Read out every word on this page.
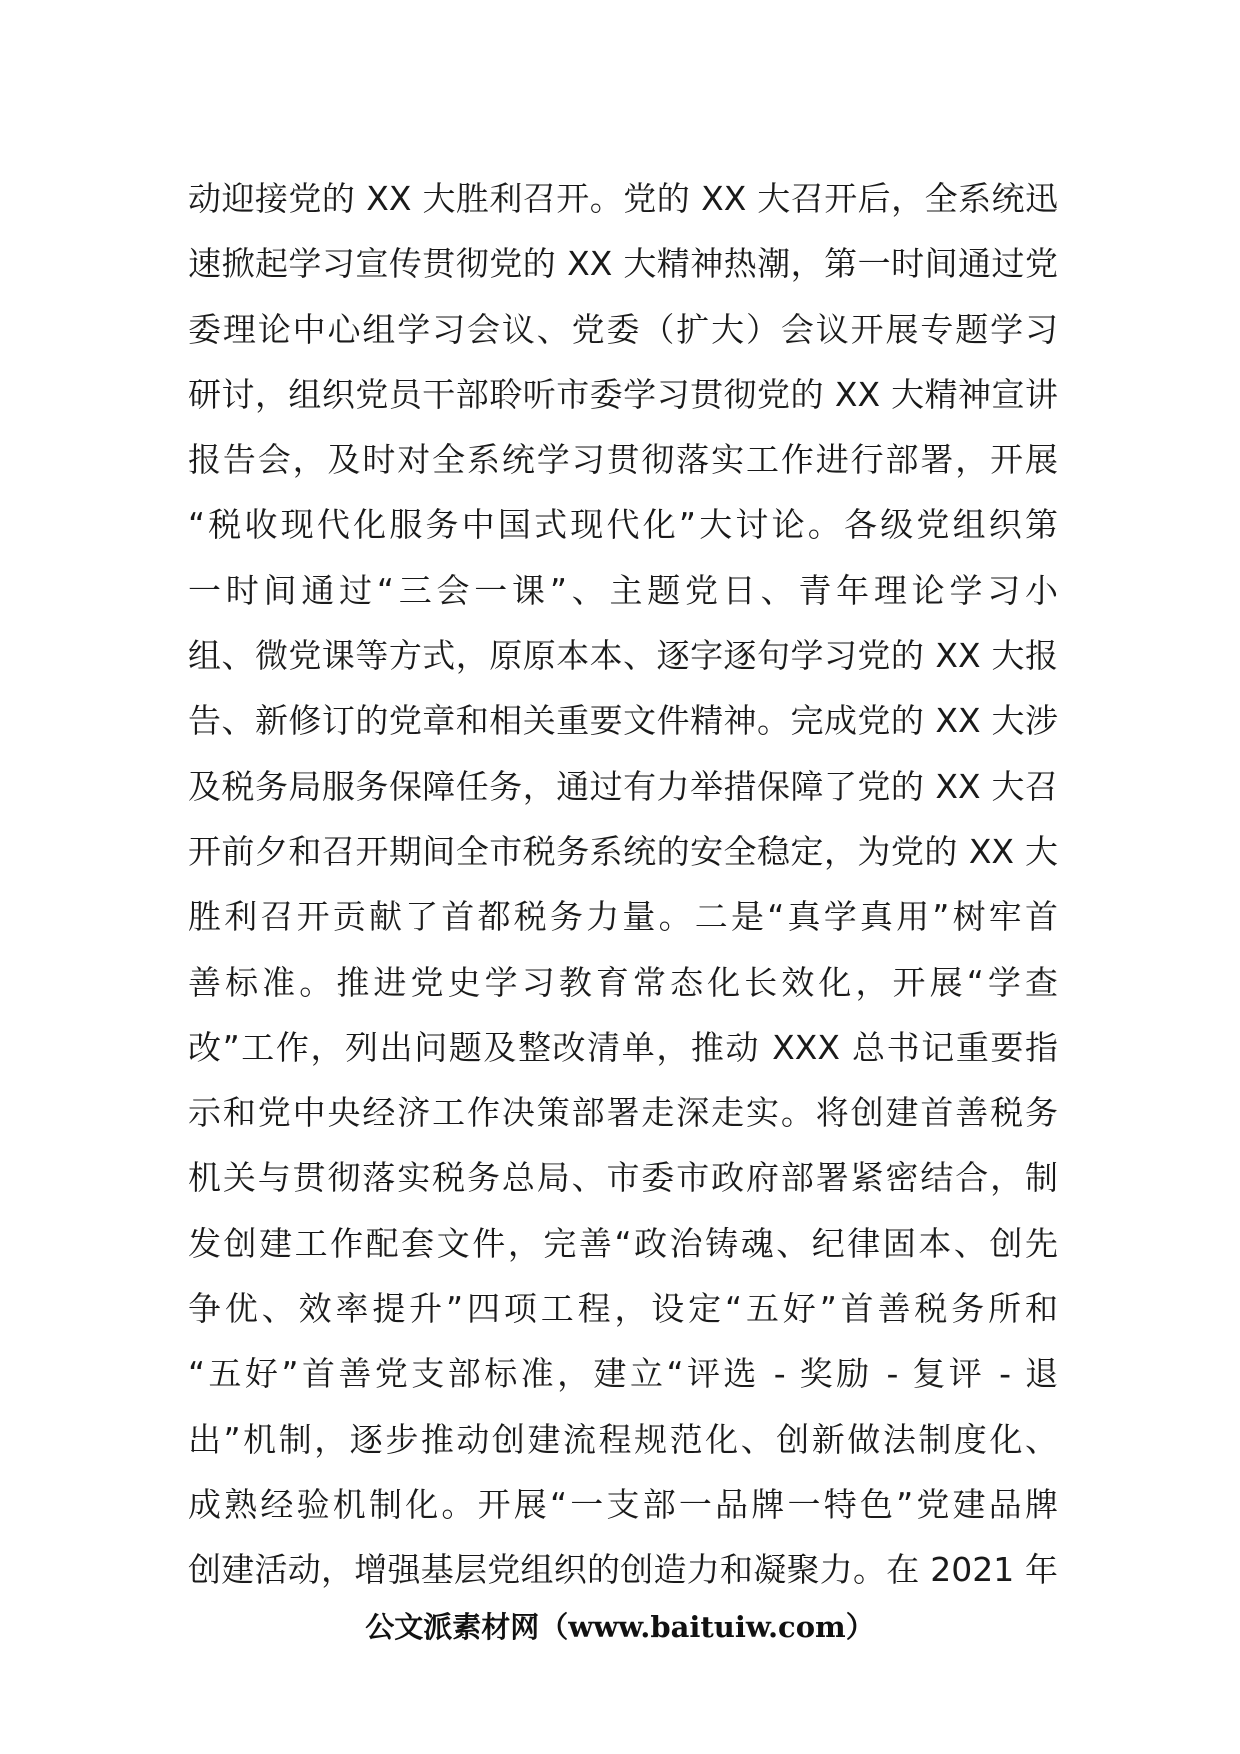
动迎接党的 XX 大胜利召开。党的 XX 大召开后，全系统迅
速掀起学习宣传贯彻党的 XX 大精神热潮，第一时间通过党
委理论中心组学习会议、党委（扩大）会议开展专题学习
研讨，组织党员干部聆听市委学习贯彻党的 XX 大精神宣讲
报告会，及时对全系统学习贯彻落实工作进行部署，开展
“税收现代化服务中国式现代化”大讨论。各级党组织第
一时间通过“三会一课”、主题党日、青年理论学习小
组、微党课等方式，原原本本、逐字逐句学习党的 XX 大报
告、新修订的党章和相关重要文件精神。完成党的 XX 大涉
及税务局服务保障任务，通过有力举措保障了党的 XX 大召
开前夕和召开期间全市税务系统的安全稳定，为党的 XX 大
胜利召开贡献了首都税务力量。二是“真学真用”树牢首
善标准。推进党史学习教育常态化长效化，开展“学查
改”工作，列出问题及整改清单，推动 XXX 总书记重要指
示和党中央经济工作决策部署走深走实。将创建首善税务
机关与贯彻落实税务总局、市委市政府部署紧密结合，制
发创建工作配套文件，完善“政治铸魂、纪律固本、创先
争优、效率提升”四项工程，设定“五好”首善税务所和
“五好”首善党支部标准，建立“评选 - 奖励 - 复评 - 退
出”机制，逐步推动创建流程规范化、创新做法制度化、
成熟经验机制化。开展“一支部一品牌一特色”党建品牌
创建活动，增强基层党组织的创造力和凝聚力。在 2021 年
公文派素材网（www.baituiw.com）
